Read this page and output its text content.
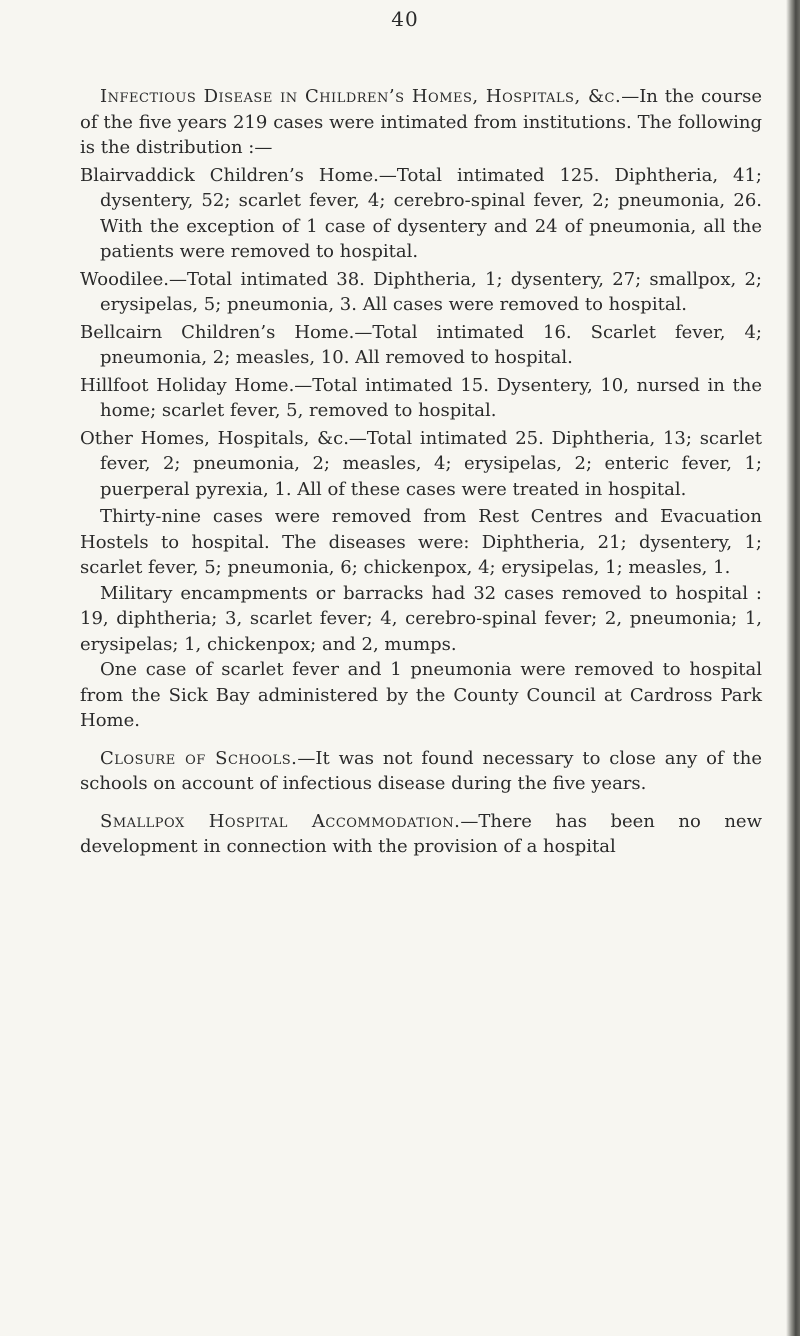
40

Infectious Disease in Children’s Homes, Hospitals, &c.—In the course of the five years 219 cases were intimated from institutions. The following is the distribution :—

Blairvaddick Children’s Home.—Total intimated 125. Diphtheria, 41; dysentery, 52; scarlet fever, 4; cerebro-spinal fever, 2; pneumonia, 26. With the exception of 1 case of dysentery and 24 of pneumonia, all the patients were removed to hospital.

Woodilee.—Total intimated 38. Diphtheria, 1; dysentery, 27; smallpox, 2; erysipelas, 5; pneumonia, 3. All cases were removed to hospital.

Bellcairn Children’s Home.—Total intimated 16. Scarlet fever, 4; pneumonia, 2; measles, 10. All removed to hospital.

Hillfoot Holiday Home.—Total intimated 15. Dysentery, 10, nursed in the home; scarlet fever, 5, removed to hospital.

Other Homes, Hospitals, &c.—Total intimated 25. Diphtheria, 13; scarlet fever, 2; pneumonia, 2; measles, 4; erysipelas, 2; enteric fever, 1; puerperal pyrexia, 1. All of these cases were treated in hospital.

Thirty-nine cases were removed from Rest Centres and Evacuation Hostels to hospital. The diseases were: Diphtheria, 21; dysentery, 1; scarlet fever, 5; pneumonia, 6; chickenpox, 4; erysipelas, 1; measles, 1.

Military encampments or barracks had 32 cases removed to hospital : 19, diphtheria; 3, scarlet fever; 4, cerebro-spinal fever; 2, pneumonia; 1, erysipelas; 1, chickenpox; and 2, mumps.

One case of scarlet fever and 1 pneumonia were removed to hospital from the Sick Bay administered by the County Council at Cardross Park Home.

Closure of Schools.—It was not found necessary to close any of the schools on account of infectious disease during the five years.

Smallpox Hospital Accommodation.—There has been no new development in connection with the provision of a hospital
